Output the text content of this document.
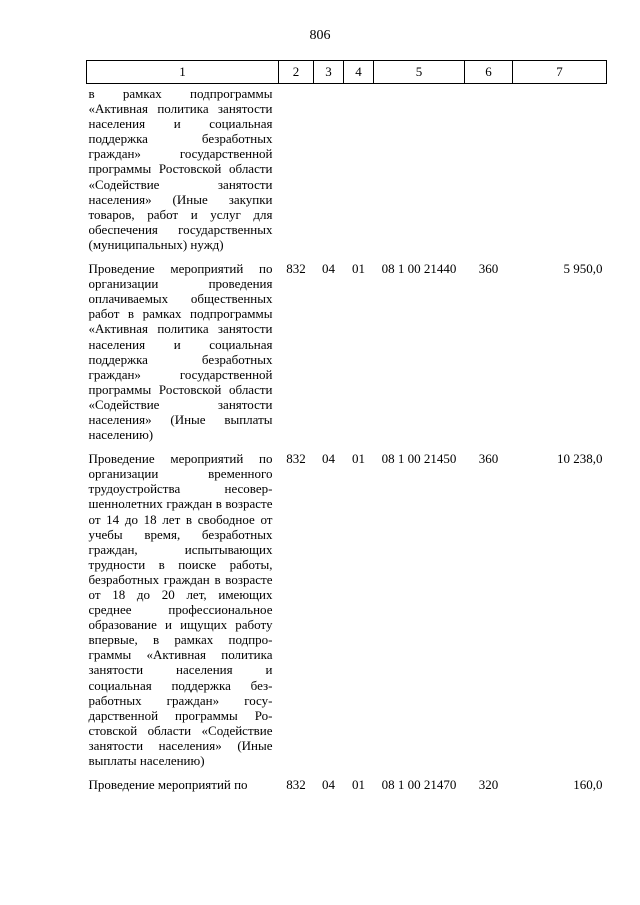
806
1	2	3	4	5	6	7
в рамках подпрограммы «Активная политика занятости населения и социальная поддержка безработных граждан» государственной программы Ростовской области «Содействие занятости населения» (Иные закупки товаров, работ и услуг для обеспечения государственных (муниципальных) нужд)						
Проведение мероприятий по организации проведения оплачиваемых общественных работ в рамках подпрограммы «Активная политика занятости населения и социальная поддержка безработных граждан» государственной программы Ростовской области «Содействие занятости населения» (Иные выплаты населению)	832	04	01	08 1 00 21440	360	5 950,0
Проведение мероприятий по организации временного трудоустройства несовершеннолетних граждан в возрасте от 14 до 18 лет в свободное от учебы время, безработных граждан, испытывающих трудности в поиске работы, безработных граждан в возрасте от 18 до 20 лет, имеющих среднее профессиональное образование и ищущих работу впервые, в рамках подпрограммы «Активная политика занятости населения и социальная поддержка безработных граждан» государственной программы Ростовской области «Содействие занятости населения» (Иные выплаты населению)	832	04	01	08 1 00 21450	360	10 238,0
Проведение мероприятий по	832	04	01	08 1 00 21470	320	160,0
